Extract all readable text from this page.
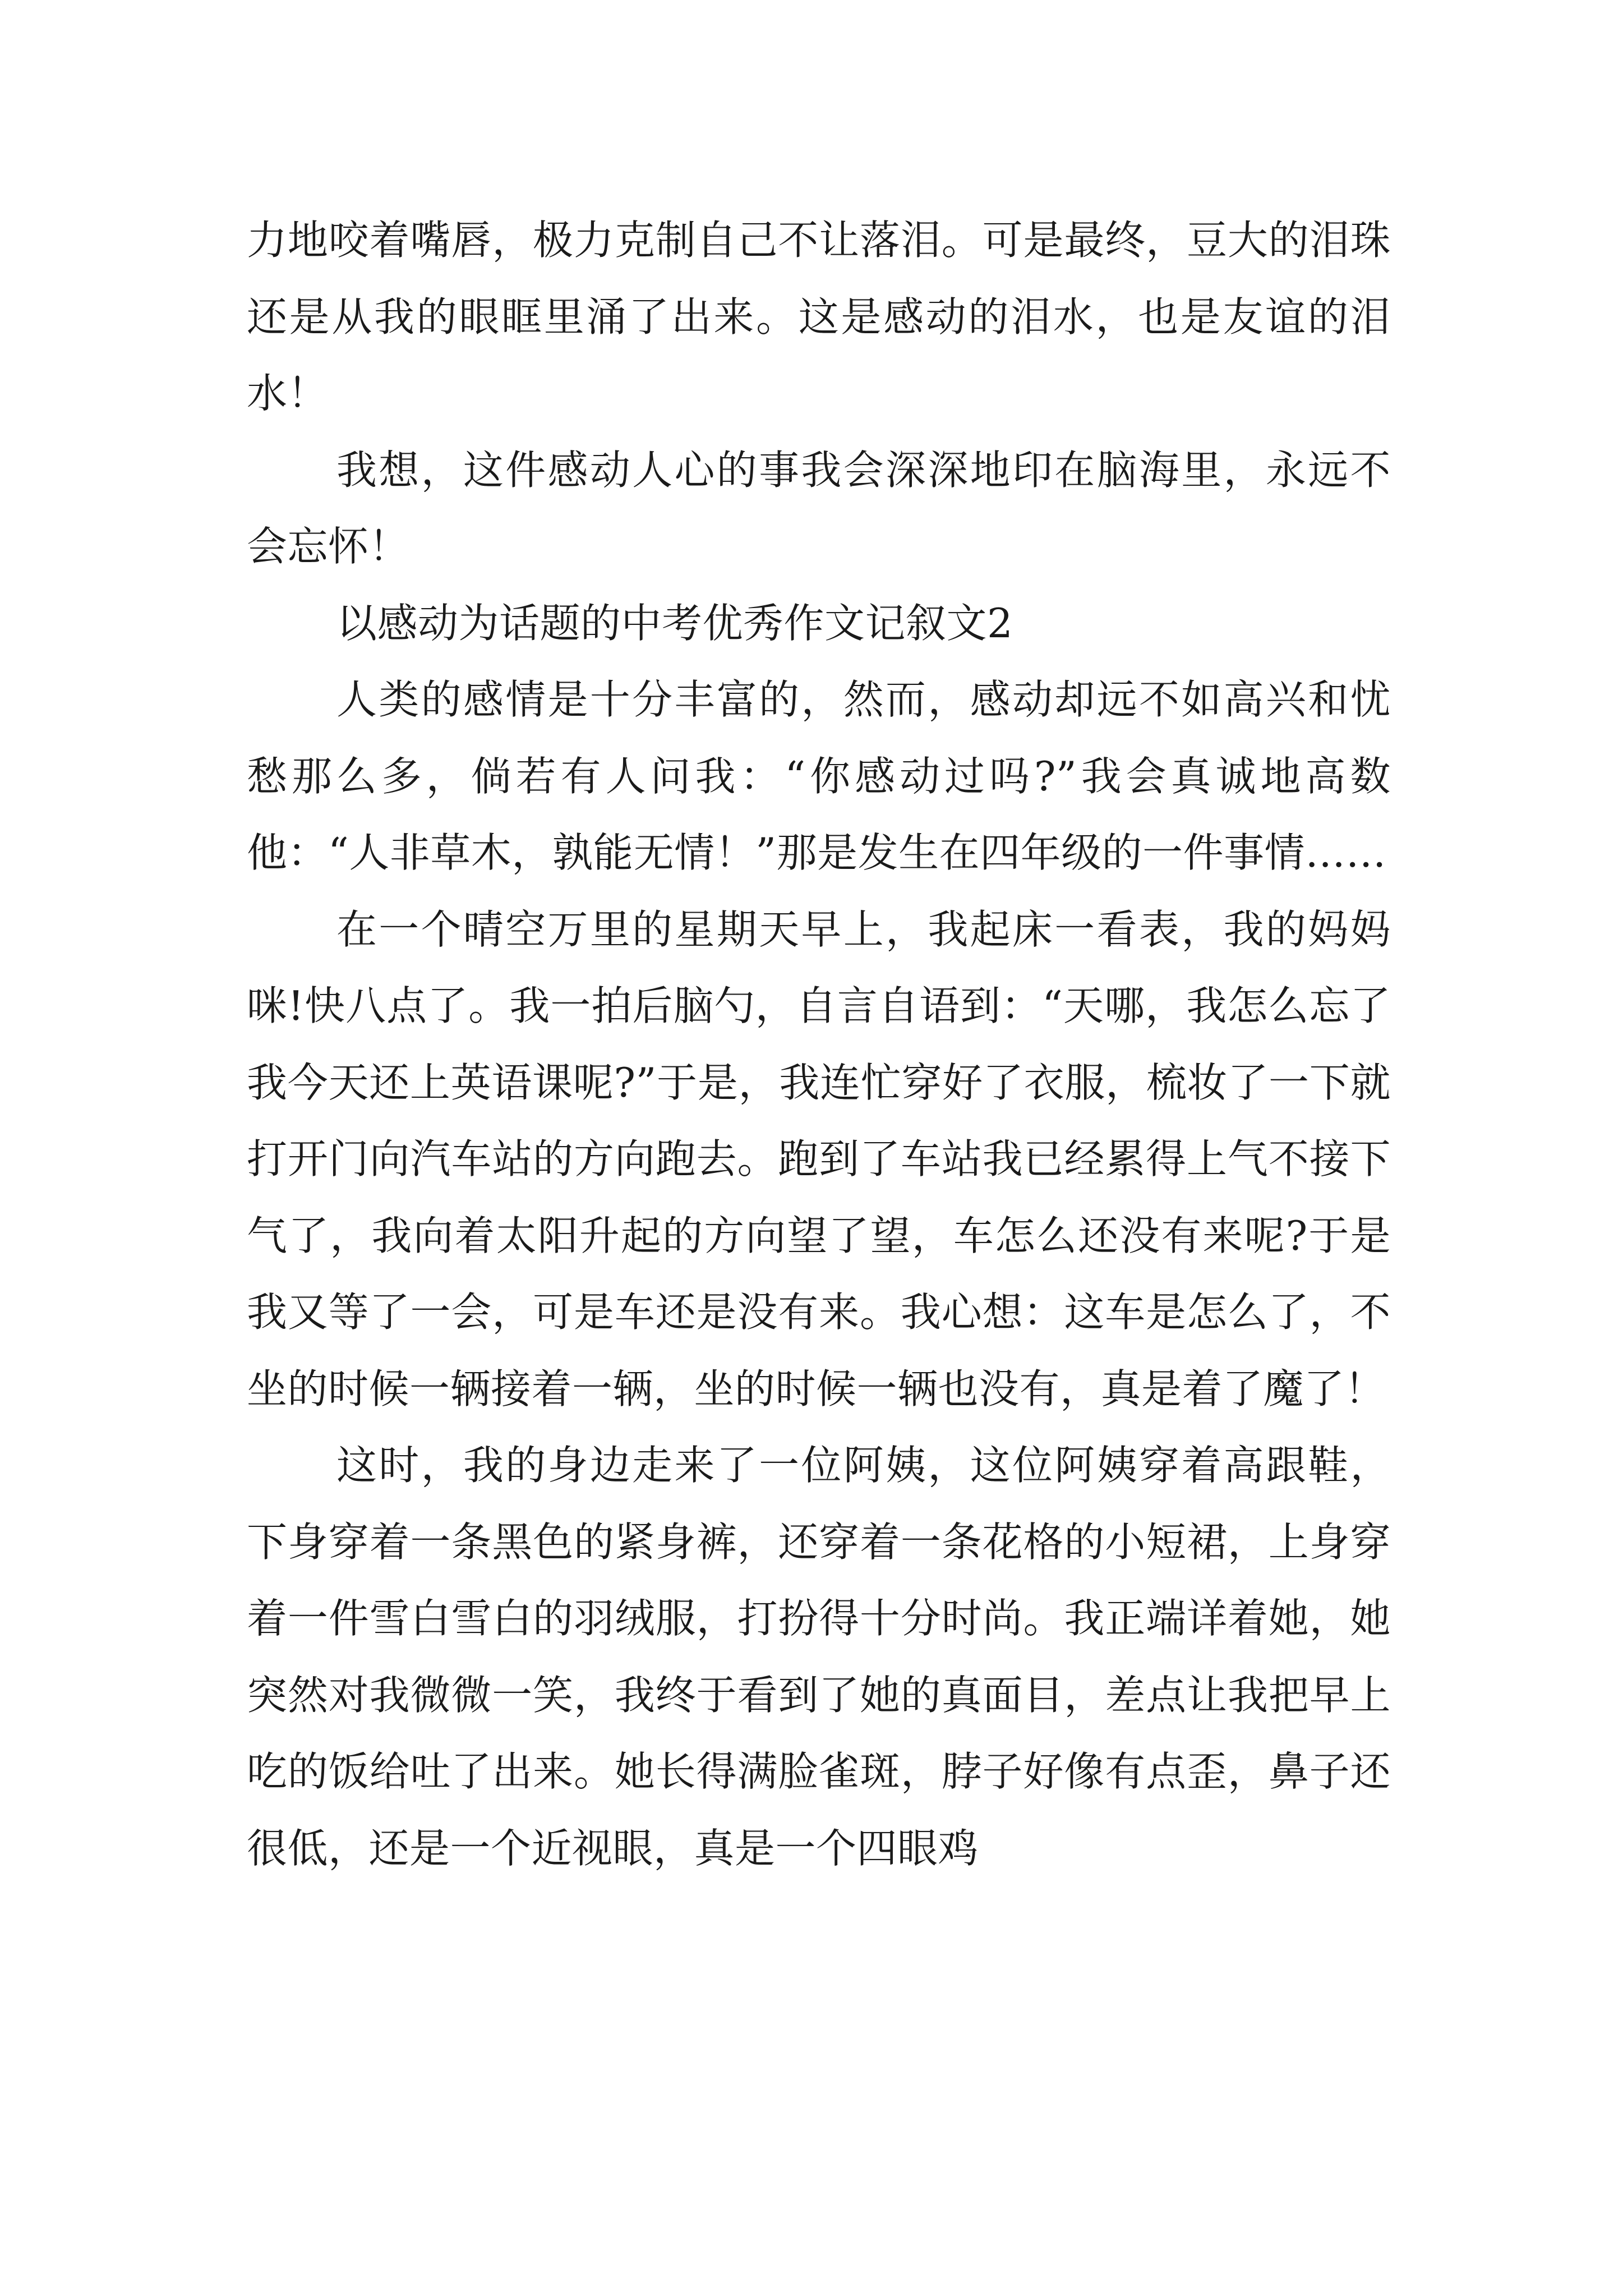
力地咬着嘴唇，极力克制自己不让落泪。可是最终，豆大的泪珠还是从我的眼眶里涌了出来。这是感动的泪水，也是友谊的泪水！

我想，这件感动人心的事我会深深地印在脑海里，永远不会忘怀！

以感动为话题的中考优秀作文记叙文2

人类的感情是十分丰富的，然而，感动却远不如高兴和忧愁那么多，倘若有人问我：“你感动过吗?”我会真诚地高数他：“人非草木，孰能无情！”那是发生在四年级的一件事情……

在一个晴空万里的星期天早上，我起床一看表，我的妈妈咪!快八点了。我一拍后脑勺，自言自语到：“天哪，我怎么忘了我今天还上英语课呢?”于是，我连忙穿好了衣服，梳妆了一下就打开门向汽车站的方向跑去。跑到了车站我已经累得上气不接下气了，我向着太阳升起的方向望了望，车怎么还没有来呢?于是我又等了一会，可是车还是没有来。我心想：这车是怎么了，不坐的时候一辆接着一辆，坐的时候一辆也没有，真是着了魔了！

这时，我的身边走来了一位阿姨，这位阿姨穿着高跟鞋，下身穿着一条黑色的紧身裤，还穿着一条花格的小短裙，上身穿着一件雪白雪白的羽绒服，打扮得十分时尚。我正端详着她，她突然对我微微一笑，我终于看到了她的真面目，差点让我把早上吃的饭给吐了出来。她长得满脸雀斑，脖子好像有点歪，鼻子还很低，还是一个近视眼，真是一个四眼鸡
